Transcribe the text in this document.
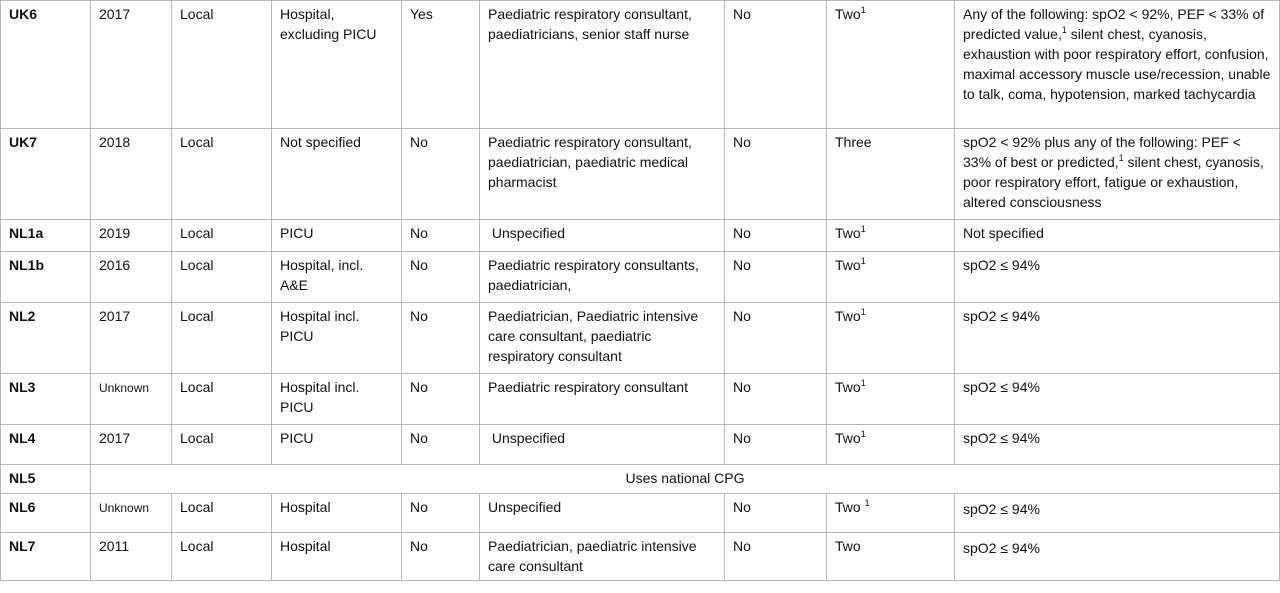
UK6	2017	Local	Hospital, excluding PICU	Yes	Paediatric respiratory consultant, paediatricians, senior staff nurse	No	Two$^1$	Any of the following: spO2 < 92%, PEF < 33% of predicted value,$^1$ silent chest, cyanosis, exhaustion with poor respiratory effort, confusion, maximal accessory muscle use/recession, unable to talk, coma, hypotension, marked tachycardia
UK7	2018	Local	Not specified	No	Paediatric respiratory consultant, paediatrician, paediatric medical pharmacist	No	Three	spO2 < 92% plus any of the following: PEF < 33% of best or predicted,$^1$ silent chest, cyanosis, poor respiratory effort, fatigue or exhaustion, altered consciousness
NL1a	2019	Local	PICU	No	Unspecified	No	Two$^1$	Not specified
NL1b	2016	Local	Hospital, incl. A&E	No	Paediatric respiratory consultants, paediatrician,	No	Two$^1$	spO2 ≤ 94%
NL2	2017	Local	Hospital incl. PICU	No	Paediatrician, Paediatric intensive care consultant, paediatric respiratory consultant	No	Two$^1$	spO2 ≤ 94%
NL3	Unknown	Local	Hospital incl. PICU	No	Paediatric respiratory consultant	No	Two$^1$	spO2 ≤ 94%
NL4	2017	Local	PICU	No	Unspecified	No	Two$^1$	spO2 ≤ 94%
NL5	Uses national CPG							
NL6	Unknown	Local	Hospital	No	Unspecified	No	Two $^1$	spO2 ≤ 94%
NL7	2011	Local	Hospital	No	Paediatrician, paediatric intensive care consultant	No	Two	spO2 ≤ 94%
